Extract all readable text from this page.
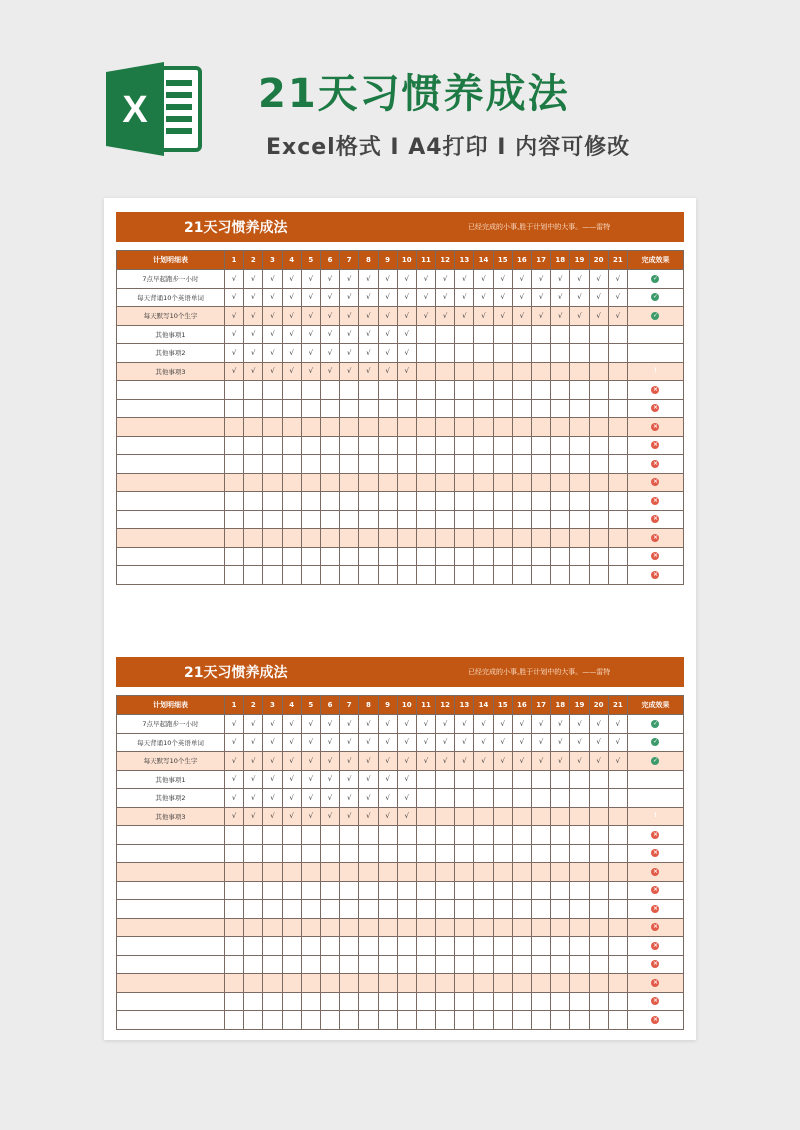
X	21天习惯养成法
Excel格式 I A4打印 I 内容可修改
21天习惯养成法	已经完成的小事,胜于计划中的大事。——雷特
计划明细表	1	2	3	4	5	6	7	8	9	10	11	12	13	14	15	16	17	18	19	20	21	完成效果
7点早起跑步一小时	√	√	√	√	√	√	√	√	√	√	√	√	√	√	√	√	√	√	√	√	√	✓
每天背诵10个英语单词	√	√	√	√	√	√	√	√	√	√	√	√	√	√	√	√	√	√	√	√	√	✓
每天默写10个生字	√	√	√	√	√	√	√	√	√	√	√	√	√	√	√	√	√	√	√	√	√	✓
其他事项1	√	√	√	√	√	√	√	√	√	√												!
其他事项2	√	√	√	√	√	√	√	√	√	√												!
其他事项3	√	√	√	√	√	√	√	√	√	√												!
																						×
																						×
																						×
																						×
																						×
																						×
																						×
																						×
																						×
																						×
																						×
21天习惯养成法	已经完成的小事,胜于计划中的大事。——雷特
计划明细表	1	2	3	4	5	6	7	8	9	10	11	12	13	14	15	16	17	18	19	20	21	完成效果
7点早起跑步一小时	√	√	√	√	√	√	√	√	√	√	√	√	√	√	√	√	√	√	√	√	√	✓
每天背诵10个英语单词	√	√	√	√	√	√	√	√	√	√	√	√	√	√	√	√	√	√	√	√	√	✓
每天默写10个生字	√	√	√	√	√	√	√	√	√	√	√	√	√	√	√	√	√	√	√	√	√	✓
其他事项1	√	√	√	√	√	√	√	√	√	√												!
其他事项2	√	√	√	√	√	√	√	√	√	√												!
其他事项3	√	√	√	√	√	√	√	√	√	√												!
																						×
																						×
																						×
																						×
																						×
																						×
																						×
																						×
																						×
																						×
																						×
